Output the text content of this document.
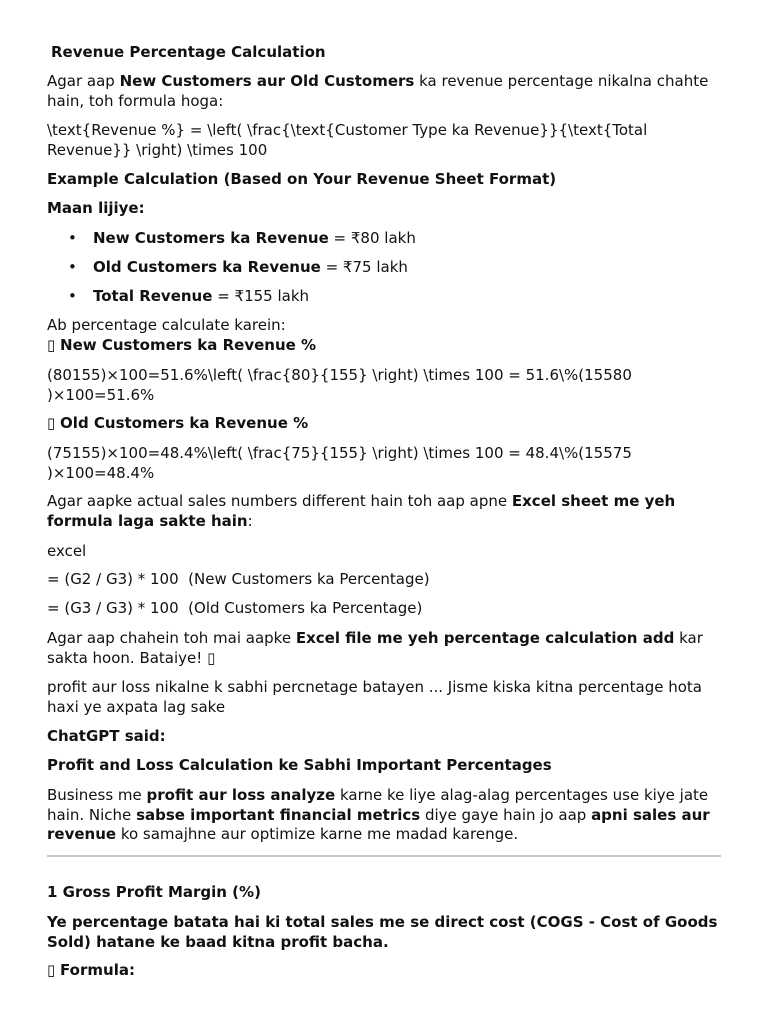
Revenue Percentage Calculation

Agar aap New Customers aur Old Customers ka revenue percentage nikalna chahte hain, toh formula hoga:

\text{Revenue %} = \left( \frac{\text{Customer Type ka Revenue}}{\text{Total Revenue}} \right) \times 100

Example Calculation (Based on Your Revenue Sheet Format)

Maan lijiye:

• New Customers ka Revenue = ₹80 lakh
• Old Customers ka Revenue = ₹75 lakh
• Total Revenue = ₹155 lakh

Ab percentage calculate karein:

▯ New Customers ka Revenue %

(80155)×100=51.6%\left( \frac{80}{155} \right) \times 100 = 51.6\%(15580 )×100=51.6%

▯ Old Customers ka Revenue %

(75155)×100=48.4%\left( \frac{75}{155} \right) \times 100 = 48.4\%(15575 )×100=48.4%

Agar aapke actual sales numbers different hain toh aap apne Excel sheet me yeh formula laga sakte hain:

excel

= (G2 / G3) * 100  (New Customers ka Percentage)

= (G3 / G3) * 100  (Old Customers ka Percentage)

Agar aap chahein toh mai aapke Excel file me yeh percentage calculation add kar sakta hoon. Bataiye! ▯

profit aur loss nikalne k sabhi percnetage batayen ... Jisme kiska kitna percentage hota haxi ye axpata lag sake

ChatGPT said:

Profit and Loss Calculation ke Sabhi Important Percentages

Business me profit aur loss analyze karne ke liye alag-alag percentages use kiye jate hain. Niche sabse important financial metrics diye gaye hain jo aap apni sales aur revenue ko samajhne aur optimize karne me madad karenge.

1 Gross Profit Margin (%)

Ye percentage batata hai ki total sales me se direct cost (COGS - Cost of Goods Sold) hatane ke baad kitna profit bacha.

▯ Formula:
